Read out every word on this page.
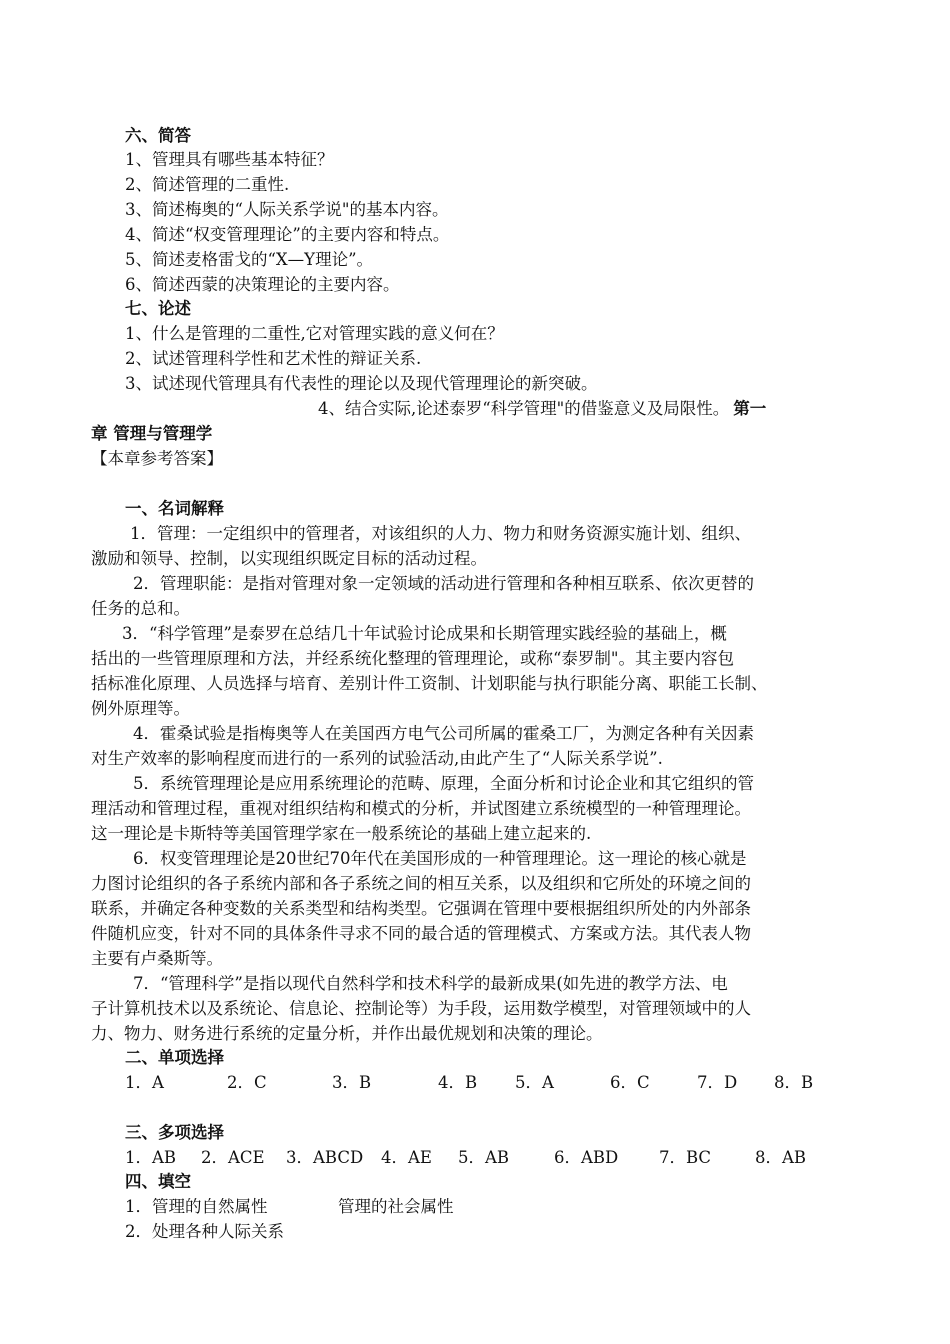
六、简答
1、管理具有哪些基本特征？
2、简述管理的二重性.
3、简述梅奥的“人际关系学说"的基本内容。
4、简述“权变管理理论”的主要内容和特点。
5、简述麦格雷戈的“X—Y理论”。
6、简述西蒙的决策理论的主要内容。
七、论述
1、什么是管理的二重性,它对管理实践的意义何在？
2、试述管理科学性和艺术性的辩证关系.
3、试述现代管理具有代表性的理论以及现代管理理论的新突破。
4、结合实际,论述泰罗“科学管理"的借鉴意义及局限性。 第一
章 管理与管理学
【本章参考答案】
一、名词解释
1．管理：一定组织中的管理者，对该组织的人力、物力和财务资源实施计划、组织、
激励和领导、控制，以实现组织既定目标的活动过程。
2．管理职能：是指对管理对象一定领域的活动进行管理和各种相互联系、依次更替的
任务的总和。
3．“科学管理”是泰罗在总结几十年试验讨论成果和长期管理实践经验的基础上，概
括出的一些管理原理和方法，并经系统化整理的管理理论，或称“泰罗制"。其主要内容包
括标准化原理、人员选择与培育、差别计件工资制、计划职能与执行职能分离、职能工长制、
例外原理等。
4．霍桑试验是指梅奥等人在美国西方电气公司所属的霍桑工厂，为测定各种有关因素
对生产效率的影响程度而进行的一系列的试验活动,由此产生了“人际关系学说”.
5．系统管理理论是应用系统理论的范畴、原理，全面分析和讨论企业和其它组织的管
理活动和管理过程，重视对组织结构和模式的分析，并试图建立系统模型的一种管理理论。
这一理论是卡斯特等美国管理学家在一般系统论的基础上建立起来的.
6．权变管理理论是20世纪70年代在美国形成的一种管理理论。这一理论的核心就是
力图讨论组织的各子系统内部和各子系统之间的相互关系，以及组织和它所处的环境之间的
联系，并确定各种变数的关系类型和结构类型。它强调在管理中要根据组织所处的内外部条
件随机应变，针对不同的具体条件寻求不同的最合适的管理模式、方案或方法。其代表人物
主要有卢桑斯等。
7．“管理科学”是指以现代自然科学和技术科学的最新成果(如先进的教学方法、电
子计算机技术以及系统论、信息论、控制论等）为手段，运用数学模型，对管理领域中的人
力、物力、财务进行系统的定量分析，并作出最优规划和决策的理论。
二、单项选择
1．A	2．C	3．B	4．B 5．A	6．C	7．D 8．B
三、多项选择
1．AB 2．ACE 3．ABCD 4．AE 5．AB	6．ABD 7．BC	8．AB
四、填空
1．管理的自然属性	管理的社会属性
2．处理各种人际关系
